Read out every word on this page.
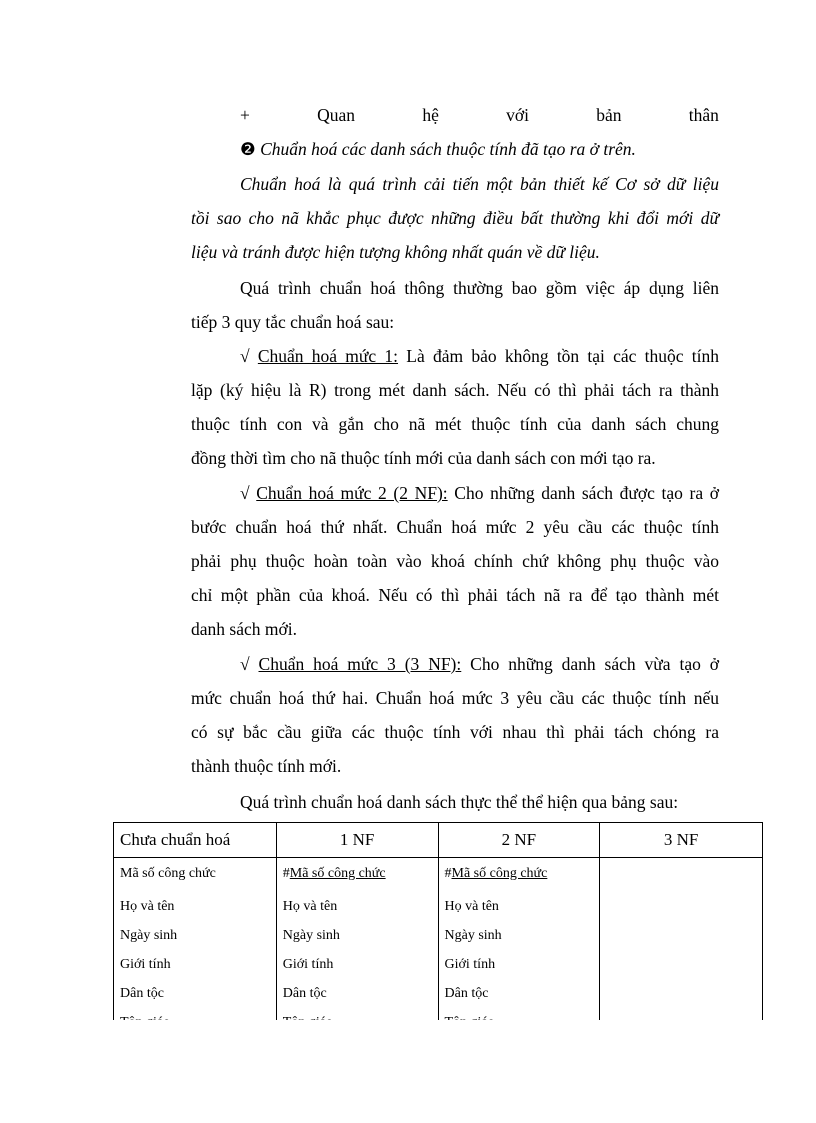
+	Quan	hệ	với	bản	thân
❷ Chuẩn hoá các danh sách thuộc tính đã tạo ra ở trên.
Chuẩn hoá là quá trình cải tiến một bản thiết kế Cơ sở dữ liệu
tồi sao cho nã khắc phục được những điều bất thường khi đổi mới dữ
liệu và tránh được hiện tượng không nhất quán về dữ liệu.
Quá trình chuẩn hoá thông thường bao gồm việc áp dụng liên
tiếp 3 quy tắc chuẩn hoá sau:
√ Chuẩn hoá mức 1: Là đảm bảo không tồn tại các thuộc tính
lặp (ký hiệu là R) trong mét danh sách. Nếu có thì phải tách ra thành
thuộc tính con và gắn cho nã mét thuộc tính của danh sách chung
đồng thời tìm cho nã thuộc tính mới của danh sách con mới tạo ra.
√ Chuẩn hoá mức 2 (2 NF): Cho những danh sách được tạo ra ở
bước chuẩn hoá thứ nhất. Chuẩn hoá mức 2 yêu cầu các thuộc tính
phải phụ thuộc hoàn toàn vào khoá chính chứ không phụ thuộc vào
chỉ một phần của khoá. Nếu có thì phải tách nã ra để tạo thành mét
danh sách mới.
√ Chuẩn hoá mức 3 (3 NF): Cho những danh sách vừa tạo ở
mức chuẩn hoá thứ hai. Chuẩn hoá mức 3 yêu cầu các thuộc tính nếu
có sự bắc cầu giữa các thuộc tính với nhau thì phải tách chóng ra
thành thuộc tính mới.
Quá trình chuẩn hoá danh sách thực thể thể hiện qua bảng sau:
Chưa chuẩn hoá	1 NF	2 NF	3 NF
Mã số công chức	#Mã số công chức	#Mã số công chức	
Họ và tên	Họ và tên	Họ và tên	
Ngày sinh	Ngày sinh	Ngày sinh	
Giới tính	Giới tính	Giới tính	
Dân tộc	Dân tộc	Dân tộc	
